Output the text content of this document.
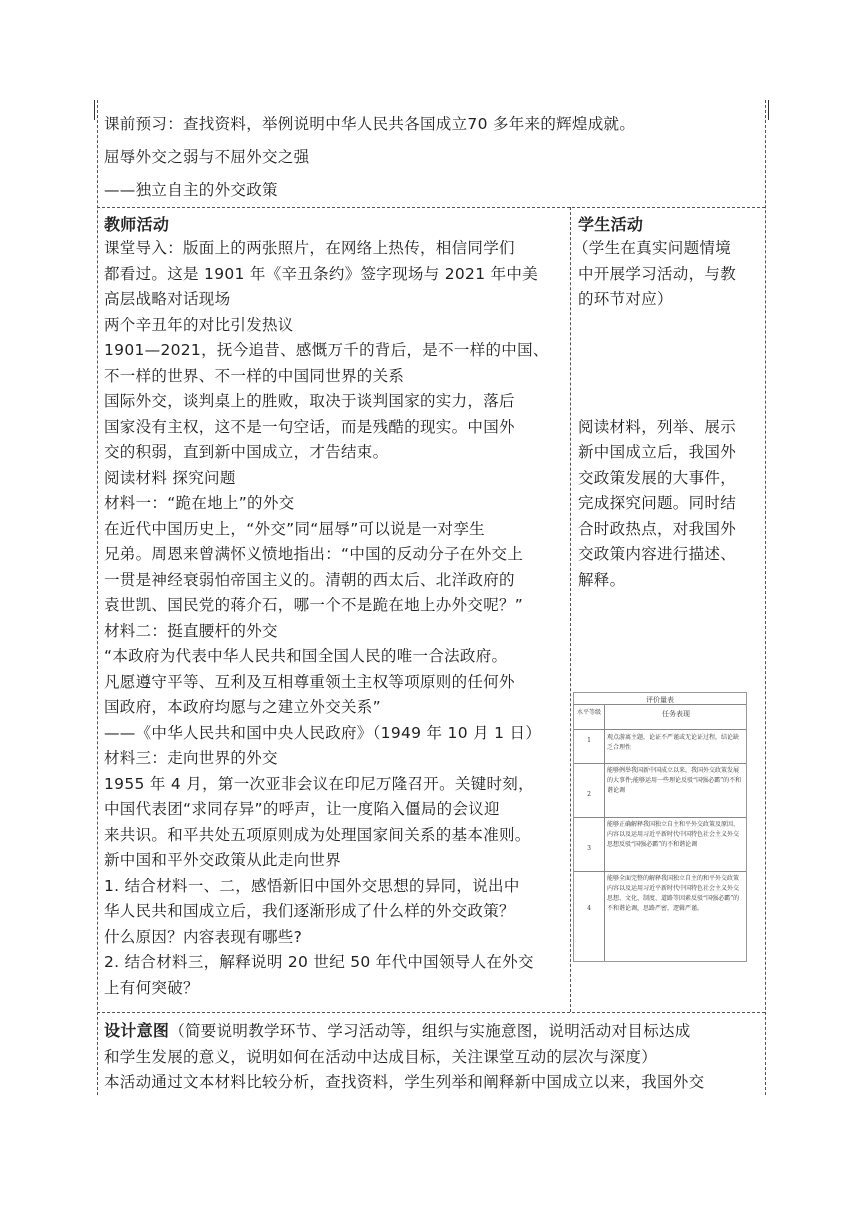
课前预习：查找资料，举例说明中华人民共各国成立70 多年来的辉煌成就。
屈辱外交之弱与不屈外交之强
——独立自主的外交政策
教师活动
课堂导入：版面上的两张照片，在网络上热传，相信同学们
都看过。这是 1901 年《辛丑条约》签字现场与 2021 年中美
高层战略对话现场
两个辛丑年的对比引发热议
1901—2021，抚今追昔、感慨万千的背后，是不一样的中国、
不一样的世界、不一样的中国同世界的关系
国际外交，谈判桌上的胜败，取决于谈判国家的实力，落后
国家没有主权，这不是一句空话，而是残酷的现实。中国外
交的积弱，直到新中国成立，才告结束。
阅读材料 探究问题
材料一：“跪在地上”的外交
在近代中国历史上，“外交”同“屈辱”可以说是一对孪生
兄弟。周恩来曾满怀义愤地指出：“中国的反动分子在外交上
一贯是神经衰弱怕帝国主义的。清朝的西太后、北洋政府的
袁世凯、国民党的蒋介石，哪一个不是跪在地上办外交呢？”
材料二：挺直腰杆的外交
“本政府为代表中华人民共和国全国人民的唯一合法政府。
凡愿遵守平等、互利及互相尊重领土主权等项原则的任何外
国政府，本政府均愿与之建立外交关系”
——《中华人民共和国中央人民政府》（1949 年 10 月 1 日）
材料三：走向世界的外交
1955 年 4 月，第一次亚非会议在印尼万隆召开。关键时刻，
中国代表团“求同存异”的呼声，让一度陷入僵局的会议迎
来共识。和平共处五项原则成为处理国家间关系的基本准则。
新中国和平外交政策从此走向世界
1. 结合材料一、二，感悟新旧中国外交思想的异同，说出中
华人民共和国成立后，我们逐渐形成了什么样的外交政策？
什么原因？内容表现有哪些?
2. 结合材料三，解释说明 20 世纪 50 年代中国领导人在外交
上有何突破？
学生活动
（学生在真实问题情境
中开展学习活动，与教
的环节对应）
阅读材料，列举、展示
新中国成立后，我国外
交政策发展的大事件，
完成探究问题。同时结
合时政热点，对我国外
交政策内容进行描述、
解释。
评价量表
水平等级	任务表现
1	观点游离主题，论证不严谨或无论证过程，结论缺乏合理性
2
能够例举我国新中国成立以来，我国外交政策发展的大事件;能够运用一些理论反驳“国强必霸”的不和谐论调
3
能够正确解释我国独立自主和平外交政策及原因、内容以及运用习近平新时代中国特色社会主义外交思想反驳“国强必霸”的不和谐论调
4
能够全面完整的解释我国独立自主的和平外交政策内容以及运用习近平新时代中国特色社会主义外交思想、文化、制度、道路等因素反驳“国强必霸”的不和谐论调，思路严密，逻辑严谨。
设计意图（简要说明教学环节、学习活动等，组织与实施意图，说明活动对目标达成
和学生发展的意义，说明如何在活动中达成目标，关注课堂互动的层次与深度）
本活动通过文本材料比较分析，查找资料，学生列举和阐释新中国成立以来，我国外交
